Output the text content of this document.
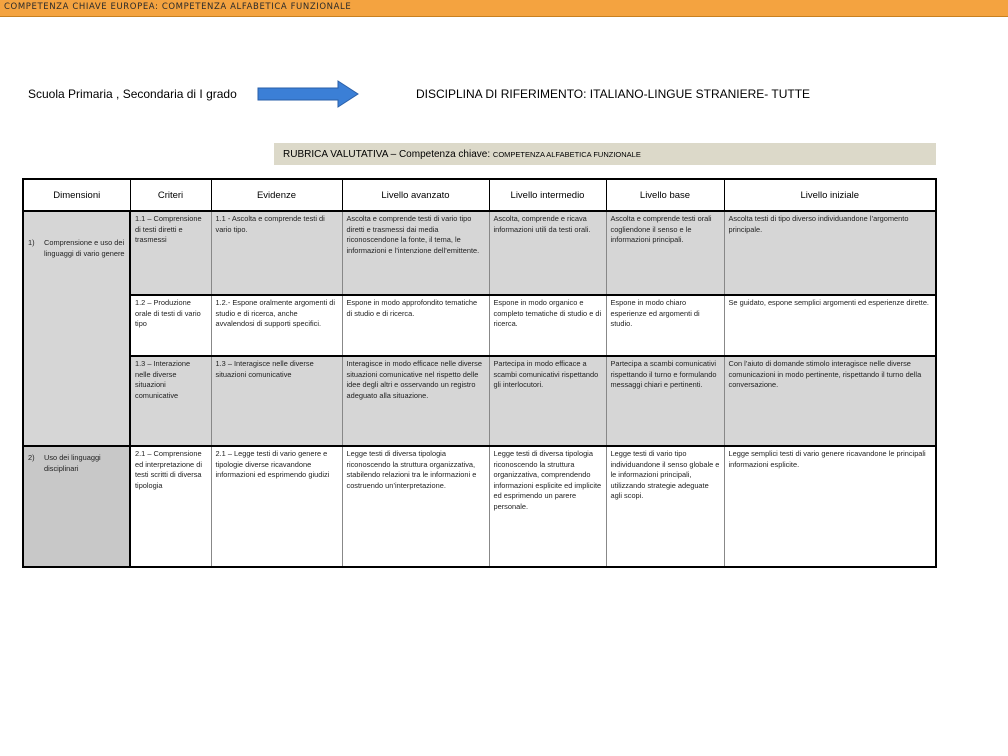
COMPETENZA CHIAVE EUROPEA: COMPETENZA ALFABETICA FUNZIONALE
Scuola Primaria , Secondaria di I grado	DISCIPLINA DI RIFERIMENTO: ITALIANO-LINGUE STRANIERE- TUTTE
RUBRICA VALUTATIVA – Competenza chiave: COMPETENZA ALFABETICA FUNZIONALE
Dimensioni	Criteri	Evidenze	Livello avanzato	Livello intermedio	Livello base	Livello iniziale

1) Comprensione e uso dei linguaggi di vario genere	1.1 – Comprensione di testi diretti e trasmessi	1.1 - Ascolta e comprende testi di vario tipo.	Ascolta e comprende testi di vario tipo diretti e trasmessi dai media riconoscendone la fonte, il tema, le informazioni e l’intenzione dell’emittente.	Ascolta, comprende e ricava informazioni utili da testi orali.	Ascolta e comprende testi orali cogliendone il senso e le informazioni principali.	Ascolta testi di tipo diverso individuandone l’argomento principale.
	1.2 – Produzione orale di testi di vario tipo	1.2.- Espone oralmente argomenti di studio e di ricerca, anche avvalendosi di supporti specifici.	Espone in modo approfondito tematiche di studio e di ricerca.	Espone in modo organico e completo tematiche di studio e di ricerca.	Espone in modo chiaro esperienze ed argomenti di studio.	Se guidato, espone semplici argomenti ed esperienze dirette.
	1.3 – Interazione nelle diverse situazioni comunicative	1.3 – Interagisce nelle diverse situazioni comunicative	Interagisce in modo efficace nelle diverse situazioni comunicative nel rispetto delle idee degli altri e osservando un registro adeguato alla situazione.	Partecipa in modo efficace a scambi comunicativi rispettando gli interlocutori.	Partecipa a scambi comunicativi rispettando il turno e formulando messaggi chiari e pertinenti.	Con l’aiuto di domande stimolo interagisce nelle diverse comunicazioni in modo pertinente, rispettando il turno della conversazione.

2) Uso dei linguaggi disciplinari	2.1 – Comprensione ed interpretazione di testi scritti di diversa tipologia	2.1 – Legge testi di vario genere e tipologie diverse ricavandone informazioni ed esprimendo giudizi	Legge testi di diversa tipologia riconoscendo la struttura organizzativa, stabilendo relazioni tra le informazioni e costruendo un’interpretazione.	Legge testi di diversa tipologia riconoscendo la struttura organizzativa, comprendendo informazioni esplicite ed implicite ed esprimendo un parere personale.	Legge testi di vario tipo individuandone il senso globale e le informazioni principali, utilizzando strategie adeguate agli scopi.	Legge semplici testi di vario genere ricavandone le principali informazioni esplicite.
